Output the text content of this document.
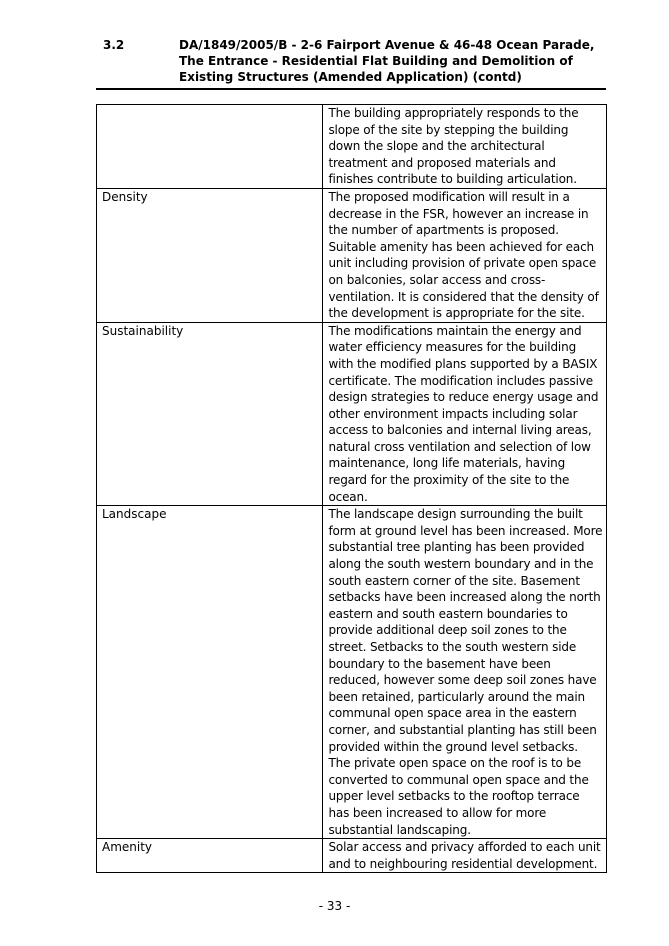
3.2	DA/1849/2005/B - 2-6 Fairport Avenue & 46-48 Ocean Parade, The Entrance - Residential Flat Building and Demolition of Existing Structures (Amended Application) (contd)
	The building appropriately responds to the slope of the site by stepping the building down the slope and the architectural treatment and proposed materials and finishes contribute to building articulation.
Density	The proposed modification will result in a decrease in the FSR, however an increase in the number of apartments is proposed. Suitable amenity has been achieved for each unit including provision of private open space on balconies, solar access and cross-ventilation. It is considered that the density of the development is appropriate for the site.
Sustainability	The modifications maintain the energy and water efficiency measures for the building with the modified plans supported by a BASIX certificate. The modification includes passive design strategies to reduce energy usage and other environment impacts including solar access to balconies and internal living areas, natural cross ventilation and selection of low maintenance, long life materials, having regard for the proximity of the site to the ocean.
Landscape	The landscape design surrounding the built form at ground level has been increased. More substantial tree planting has been provided along the south western boundary and in the south eastern corner of the site. Basement setbacks have been increased along the north eastern and south eastern boundaries to provide additional deep soil zones to the street. Setbacks to the south western side boundary to the basement have been reduced, however some deep soil zones have been retained, particularly around the main communal open space area in the eastern corner, and substantial planting has still been provided within the ground level setbacks. The private open space on the roof is to be converted to communal open space and the upper level setbacks to the rooftop terrace has been increased to allow for more substantial landscaping.
Amenity	Solar access and privacy afforded to each unit and to neighbouring residential development.
- 33 -
